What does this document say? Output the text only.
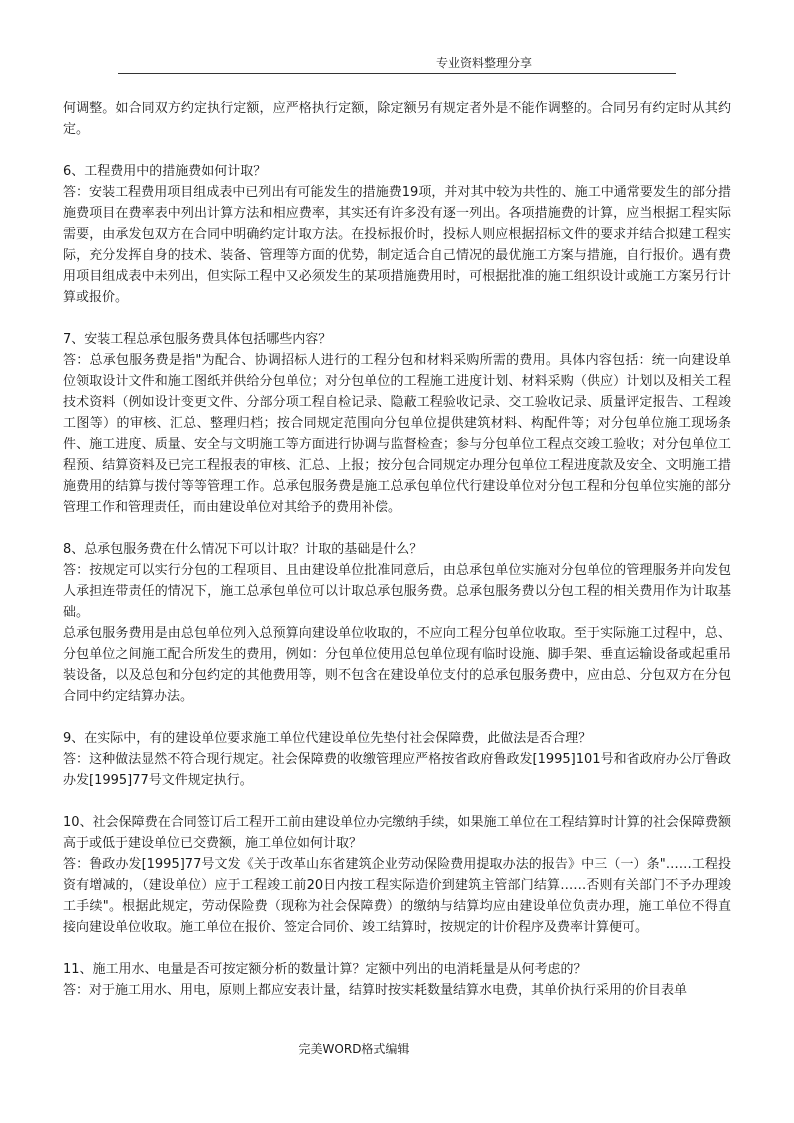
专业资料整理分享

何调整。如合同双方约定执行定额，应严格执行定额，除定额另有规定者外是不能作调整的。合同另有约定时从其约定。

6、工程费用中的措施费如何计取？

答：安装工程费用项目组成表中已列出有可能发生的措施费19项，并对其中较为共性的、施工中通常要发生的部分措施费项目在费率表中列出计算方法和相应费率，其实还有许多没有逐一列出。各项措施费的计算，应当根据工程实际需要，由承发包双方在合同中明确约定计取方法。在投标报价时，投标人则应根据招标文件的要求并结合拟建工程实际，充分发挥自身的技术、装备、管理等方面的优势，制定适合自己情况的最优施工方案与措施，自行报价。遇有费用项目组成表中未列出，但实际工程中又必须发生的某项措施费用时，可根据批准的施工组织设计或施工方案另行计算或报价。

7、安装工程总承包服务费具体包括哪些内容？

答：总承包服务费是指"为配合、协调招标人进行的工程分包和材料采购所需的费用。具体内容包括：统一向建设单位领取设计文件和施工图纸并供给分包单位；对分包单位的工程施工进度计划、材料采购（供应）计划以及相关工程技术资料（例如设计变更文件、分部分项工程自检记录、隐蔽工程验收记录、交工验收记录、质量评定报告、工程竣工图等）的审核、汇总、整理归档；按合同规定范围向分包单位提供建筑材料、构配件等；对分包单位施工现场条件、施工进度、质量、安全与文明施工等方面进行协调与监督检查；参与分包单位工程点交竣工验收；对分包单位工程预、结算资料及已完工程报表的审核、汇总、上报；按分包合同规定办理分包单位工程进度款及安全、文明施工措施费用的结算与拨付等等管理工作。总承包服务费是施工总承包单位代行建设单位对分包工程和分包单位实施的部分管理工作和管理责任，而由建设单位对其给予的费用补偿。

8、总承包服务费在什么情况下可以计取？计取的基础是什么？

答：按规定可以实行分包的工程项目、且由建设单位批准同意后，由总承包单位实施对分包单位的管理服务并向发包人承担连带责任的情况下，施工总承包单位可以计取总承包服务费。总承包服务费以分包工程的相关费用作为计取基础。

总承包服务费用是由总包单位列入总预算向建设单位收取的，不应向工程分包单位收取。至于实际施工过程中，总、分包单位之间施工配合所发生的费用，例如：分包单位使用总包单位现有临时设施、脚手架、垂直运输设备或起重吊装设备，以及总包和分包约定的其他费用等，则不包含在建设单位支付的总承包服务费中，应由总、分包双方在分包合同中约定结算办法。

9、在实际中，有的建设单位要求施工单位代建设单位先垫付社会保障费，此做法是否合理？

答：这种做法显然不符合现行规定。社会保障费的收缴管理应严格按省政府鲁政发[1995]101号和省政府办公厅鲁政办发[1995]77号文件规定执行。

10、社会保障费在合同签订后工程开工前由建设单位办完缴纳手续，如果施工单位在工程结算时计算的社会保障费额高于或低于建设单位已交费额，施工单位如何计取？

答：鲁政办发[1995]77号文发《关于改革山东省建筑企业劳动保险费用提取办法的报告》中三（一）条"……工程投资有增减的，（建设单位）应于工程竣工前20日内按工程实际造价到建筑主管部门结算……否则有关部门不予办理竣工手续"。根据此规定，劳动保险费（现称为社会保障费）的缴纳与结算均应由建设单位负责办理，施工单位不得直接向建设单位收取。施工单位在报价、签定合同价、竣工结算时，按规定的计价程序及费率计算便可。

11、施工用水、电量是否可按定额分析的数量计算？定额中列出的电消耗量是从何考虑的？

答：对于施工用水、用电，原则上都应安表计量，结算时按实耗数量结算水电费，其单价执行采用的价目表单

完美WORD格式编辑
